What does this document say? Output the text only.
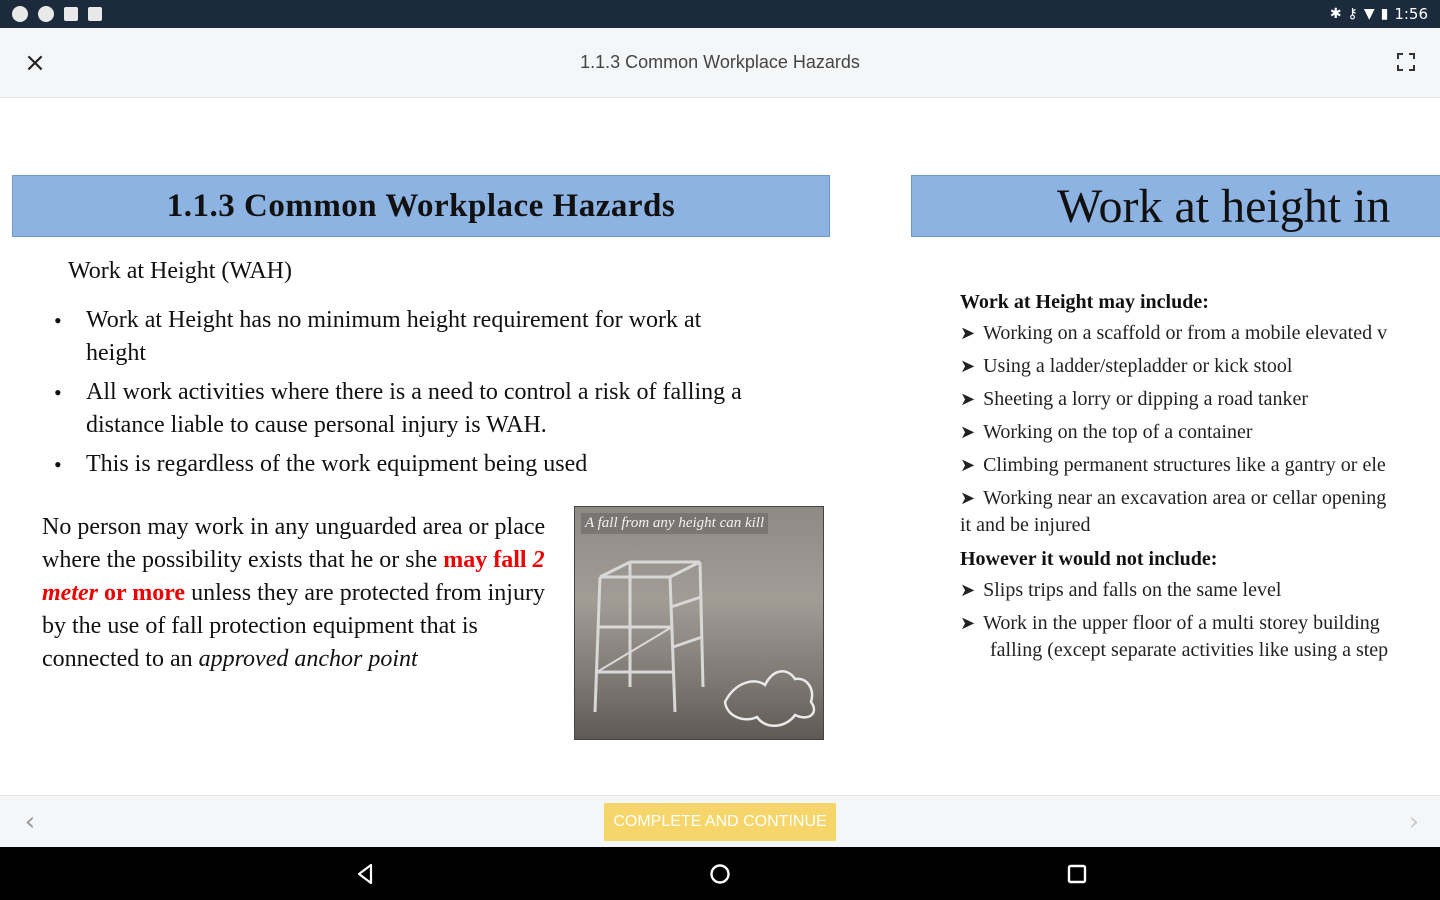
✱ ⚷ ▼ ▮ 1:56
×	1.1.3 Common Workplace Hazards
1.1.3 Common Workplace Hazards
Work at Height (WAH)
• Work at Height has no minimum height requirement for work at height
• All work activities where there is a need to control a risk of falling a distance liable to cause personal injury is WAH.
• This is regardless of the work equipment being used

No person may work in any unguarded area or place where the possibility exists that he or she may fall 2 meter or more unless they are protected from injury by the use of fall protection equipment that is connected to an approved anchor point

A fall from any height can kill
Work at height in
Work at Height may include:
➤ Working on a scaffold or from a mobile elevated v
➤ Using a ladder/stepladder or kick stool
➤ Sheeting a lorry or dipping a road tanker
➤ Working on the top of a container
➤ Climbing permanent structures like a gantry or ele
➤ Working near an excavation area or cellar opening
it and be injured
However it would not include:
➤ Slips trips and falls on the same level
➤ Work in the upper floor of a multi storey building
falling (except separate activities like using a step
‹	COMPLETE AND CONTINUE	›
